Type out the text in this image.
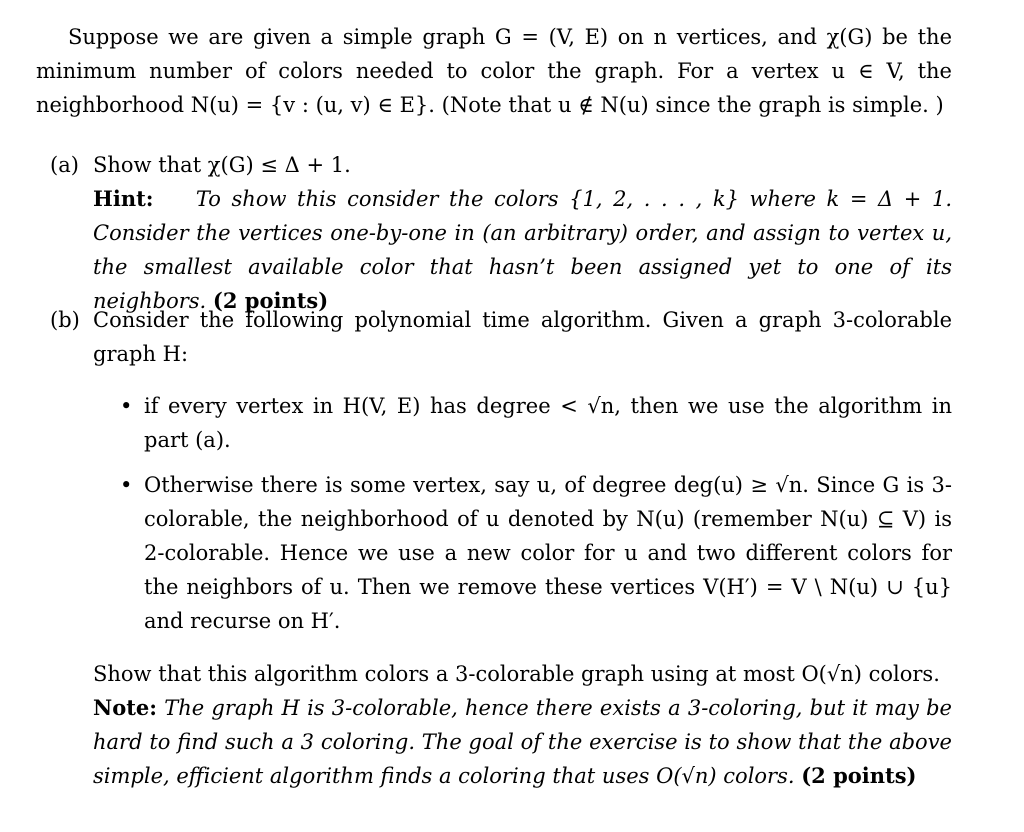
Suppose we are given a simple graph G = (V, E) on n vertices, and χ(G) be the minimum number of colors needed to color the graph. For a vertex u ∈ V, the neighborhood N(u) = {v : (u, v) ∈ E}. (Note that u ∉ N(u) since the graph is simple. )

(a) Show that χ(G) ≤ Δ + 1.

Hint: To show this consider the colors {1, 2, . . . , k} where k = Δ + 1. Consider the vertices one-by-one in (an arbitrary) order, and assign to vertex u, the smallest available color that hasn’t been assigned yet to one of its neighbors. (2 points)

(b) Consider the following polynomial time algorithm. Given a graph 3-colorable graph H:

• if every vertex in H(V, E) has degree < √n, then we use the algorithm in part (a).

• Otherwise there is some vertex, say u, of degree deg(u) ≥ √n. Since G is 3-colorable, the neighborhood of u denoted by N(u) (remember N(u) ⊆ V) is 2-colorable. Hence we use a new color for u and two different colors for the neighbors of u. Then we remove these vertices V(H′) = V \ N(u) ∪ {u} and recurse on H′.

Show that this algorithm colors a 3-colorable graph using at most O(√n) colors.

Note: The graph H is 3-colorable, hence there exists a 3-coloring, but it may be hard to find such a 3 coloring. The goal of the exercise is to show that the above simple, efficient algorithm finds a coloring that uses O(√n) colors. (2 points)
